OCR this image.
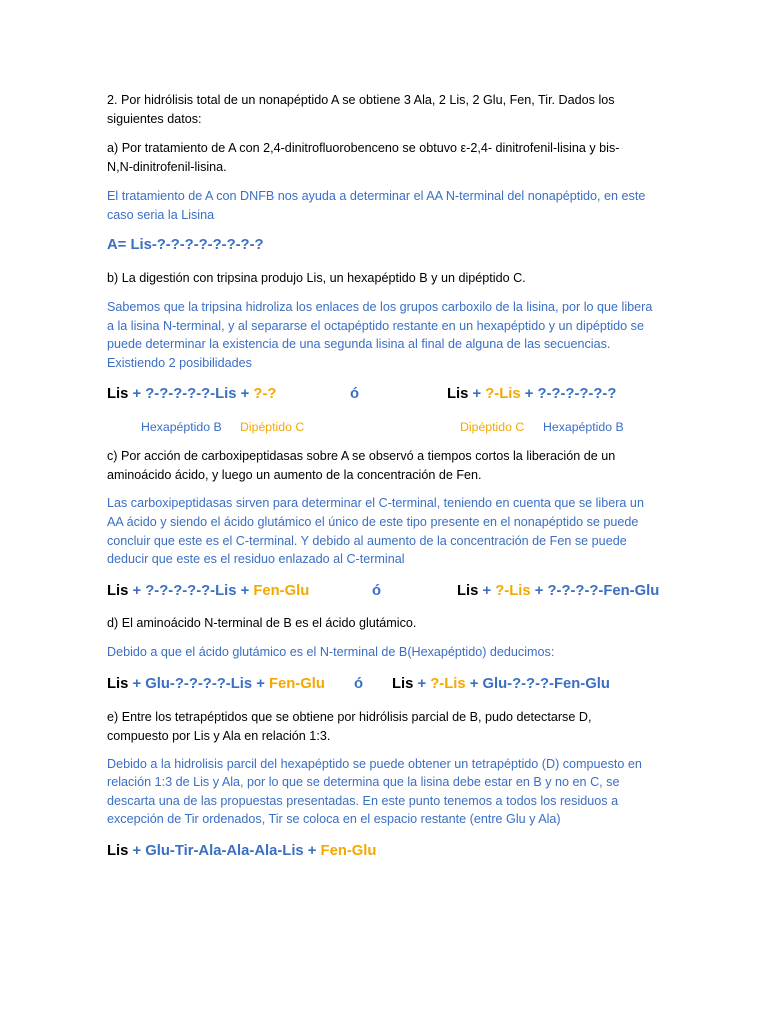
2. Por hidrólisis total de un nonapéptido A se obtiene 3 Ala, 2 Lis, 2 Glu, Fen, Tir. Dados los
siguientes datos:
a) Por tratamiento de A con 2,4-dinitrofluorobenceno se obtuvo ε-2,4- dinitrofenil-lisina y bis-
N,N-dinitrofenil-lisina.
El tratamiento de A con DNFB nos ayuda a determinar el AA N-terminal del nonapéptido, en este
caso seria la Lisina
A= Lis-?-?-?-?-?-?-?-?
b) La digestión con tripsina produjo Lis, un hexapéptido B y un dipéptido C.
Sabemos que la tripsina hidroliza los enlaces de los grupos carboxilo de la lisina, por lo que libera
a la lisina N-terminal, y al separarse el octapéptido restante en un hexapéptido y un dipéptido se
puede determinar la existencia de una segunda lisina al final de alguna de las secuencias.
Existiendo 2 posibilidades
Lis + ?-?-?-?-?-Lis + ?-?	ó	Lis + ?-Lis + ?-?-?-?-?-?
Hexapéptido B Dipéptido C	Dipéptido C Hexapéptido B
c) Por acción de carboxipeptidasas sobre A se observó a tiempos cortos la liberación de un
aminoácido ácido, y luego un aumento de la concentración de Fen.
Las carboxipeptidasas sirven para determinar el C-terminal, teniendo en cuenta que se libera un
AA ácido y siendo el ácido glutámico el único de este tipo presente en el nonapéptido se puede
concluir que este es el C-terminal. Y debido al aumento de la concentración de Fen se puede
deducir que este es el residuo enlazado al C-terminal
Lis + ?-?-?-?-?-Lis + Fen-Glu	ó	Lis + ?-Lis + ?-?-?-?-Fen-Glu
d) El aminoácido N-terminal de B es el ácido glutámico.
Debido a que el ácido glutámico es el N-terminal de B(Hexapéptido) deducimos:
Lis + Glu-?-?-?-?-Lis + Fen-Glu ó Lis + ?-Lis + Glu-?-?-?-Fen-Glu
e) Entre los tetrapéptidos que se obtiene por hidrólisis parcial de B, pudo detectarse D,
compuesto por Lis y Ala en relación 1:3.
Debido a la hidrolisis parcil del hexapéptido se puede obtener un tetrapéptido (D) compuesto en
relación 1:3 de Lis y Ala, por lo que se determina que la lisina debe estar en B y no en C, se
descarta una de las propuestas presentadas. En este punto tenemos a todos los residuos a
excepción de Tir ordenados, Tir se coloca en el espacio restante (entre Glu y Ala)
Lis + Glu-Tir-Ala-Ala-Ala-Lis + Fen-Glu
